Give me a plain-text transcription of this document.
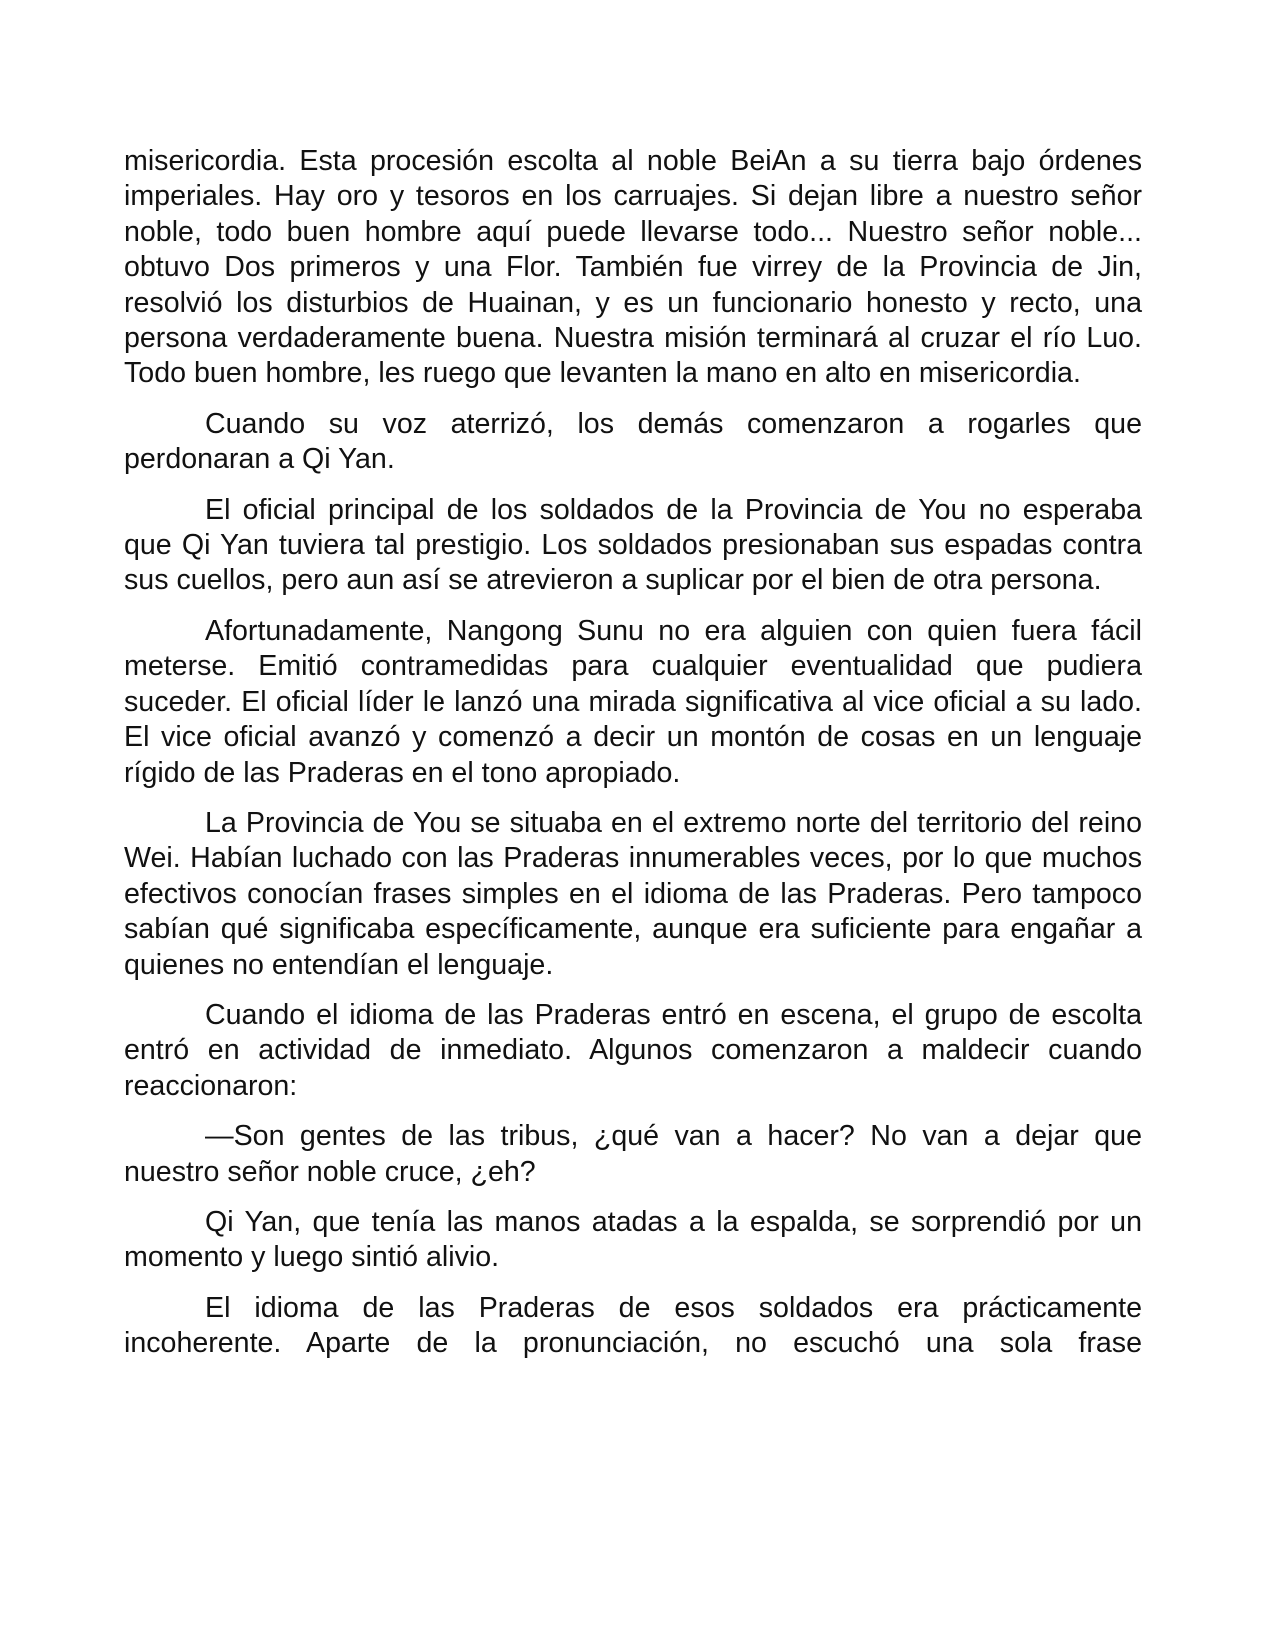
misericordia. Esta procesión escolta al noble BeiAn a su tierra bajo órdenes imperiales. Hay oro y tesoros en los carruajes. Si dejan libre a nuestro señor noble, todo buen hombre aquí puede llevarse todo... Nuestro señor noble... obtuvo Dos primeros y una Flor. También fue virrey de la Provincia de Jin, resolvió los disturbios de Huainan, y es un funcionario honesto y recto, una persona verdaderamente buena. Nuestra misión terminará al cruzar el río Luo. Todo buen hombre, les ruego que levanten la mano en alto en misericordia.

Cuando su voz aterrizó, los demás comenzaron a rogarles que perdonaran a Qi Yan.

El oficial principal de los soldados de la Provincia de You no esperaba que Qi Yan tuviera tal prestigio. Los soldados presionaban sus espadas contra sus cuellos, pero aun así se atrevieron a suplicar por el bien de otra persona.

Afortunadamente, Nangong Sunu no era alguien con quien fuera fácil meterse. Emitió contramedidas para cualquier eventualidad que pudiera suceder. El oficial líder le lanzó una mirada significativa al vice oficial a su lado. El vice oficial avanzó y comenzó a decir un montón de cosas en un lenguaje rígido de las Praderas en el tono apropiado.

La Provincia de You se situaba en el extremo norte del territorio del reino Wei. Habían luchado con las Praderas innumerables veces, por lo que muchos efectivos conocían frases simples en el idioma de las Praderas. Pero tampoco sabían qué significaba específicamente, aunque era suficiente para engañar a quienes no entendían el lenguaje.

Cuando el idioma de las Praderas entró en escena, el grupo de escolta entró en actividad de inmediato. Algunos comenzaron a maldecir cuando reaccionaron:

—Son gentes de las tribus, ¿qué van a hacer? No van a dejar que nuestro señor noble cruce, ¿eh?

Qi Yan, que tenía las manos atadas a la espalda, se sorprendió por un momento y luego sintió alivio.

El idioma de las Praderas de esos soldados era prácticamente incoherente. Aparte de la pronunciación, no escuchó una sola frase
